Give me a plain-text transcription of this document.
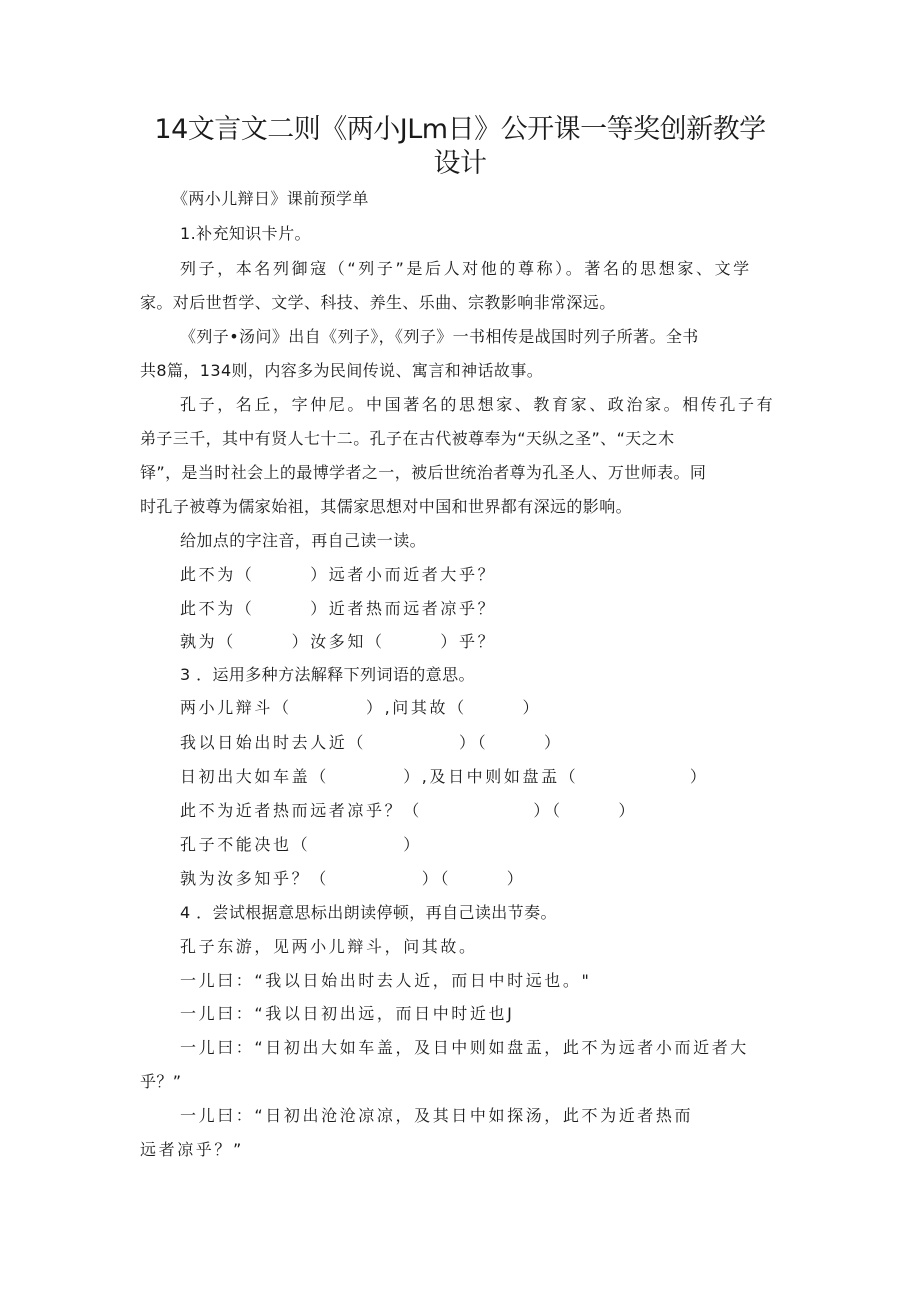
14文言文二则《两小JLm日》公开课一等奖创新教学
设计
《两小儿辩日》课前预学单
1.补充知识卡片。
列子，本名列御寇（“列子”是后人对他的尊称）。著名的思想家、文学
家。对后世哲学、文学、科技、养生、乐曲、宗教影响非常深远。
《列子•汤问》出自《列子》，《列子》一书相传是战国时列子所著。全书
共8篇，134则，内容多为民间传说、寓言和神话故事。
孔子，名丘，字仲尼。中国著名的思想家、教育家、政治家。相传孔子有
弟子三千，其中有贤人七十二。孔子在古代被尊奉为“天纵之圣”、“天之木
铎”，是当时社会上的最博学者之一，被后世统治者尊为孔圣人、万世师表。同
时孔子被尊为儒家始祖，其儒家思想对中国和世界都有深远的影响。
给加点的字注音，再自己读一读。
此不为（　　　）远者小而近者大乎？
此不为（　　　）近者热而远者凉乎？
孰为（　　　）汝多知（　　　）乎？
3 ．运用多种方法解释下列词语的意思。
两小儿辩斗（　　　　）,问其故（　　　）
我以日始出时去人近（　　　　　）（　　　）
日初出大如车盖（　　　　）,及日中则如盘盂（　　　　　　）
此不为近者热而远者凉乎？（　　　　　　）（　　　）
孔子不能决也（　　　　　）
孰为汝多知乎？（　　　　　）（　　　）
4 ．尝试根据意思标出朗读停顿，再自己读出节奏。
孔子东游，见两小儿辩斗，问其故。
一儿曰：“我以日始出时去人近，而日中时远也。"
一儿曰：“我以日初出远，而日中时近也J
一儿曰：“日初出大如车盖，及日中则如盘盂，此不为远者小而近者大
乎？”
一儿曰：“日初出沧沧凉凉，及其日中如探汤，此不为近者热而
远者凉乎？”
